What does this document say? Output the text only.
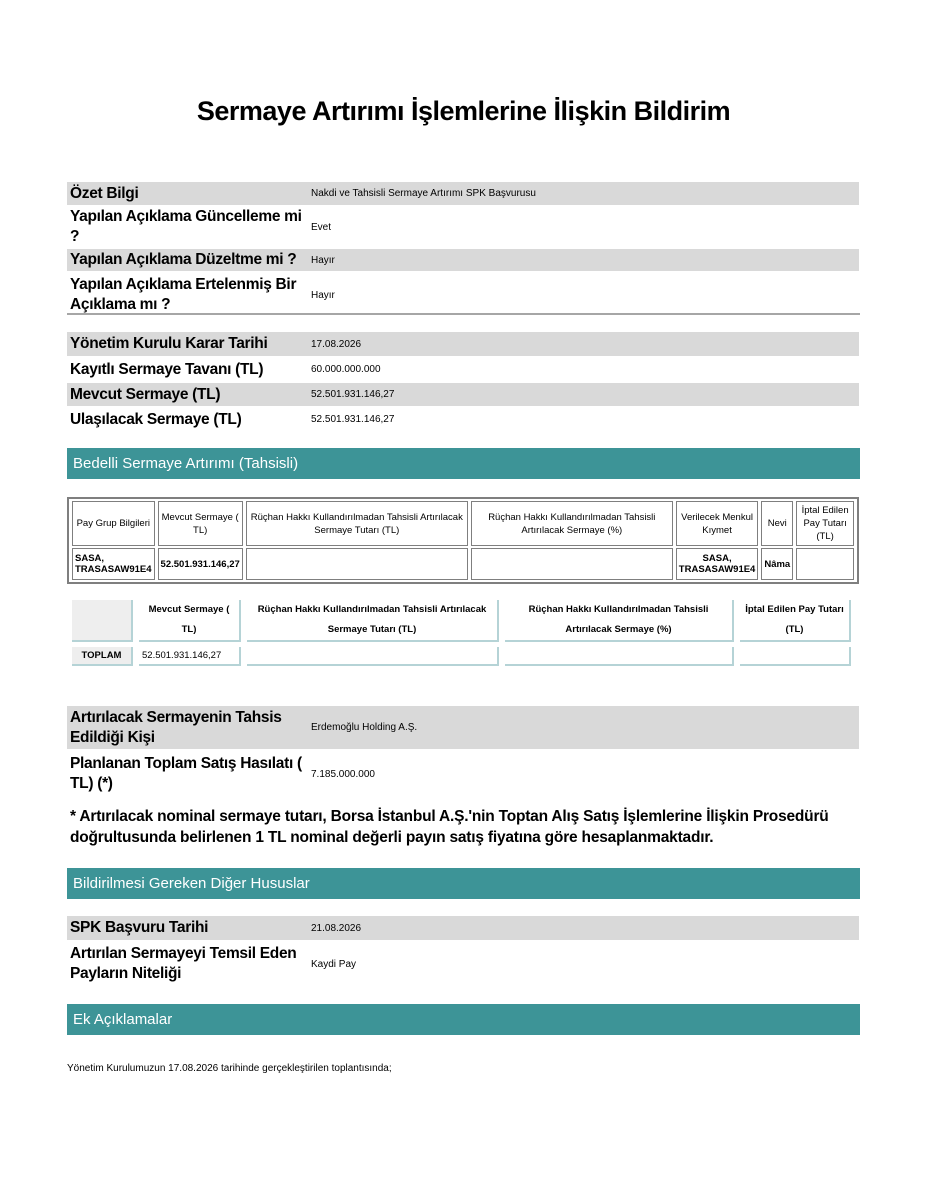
Sermaye Artırımı İşlemlerine İlişkin Bildirim
Özet Bilgi	Nakdi ve Tahsisli Sermaye Artırımı SPK Başvurusu
Yapılan Açıklama Güncelleme mi ?	Evet
Yapılan Açıklama Düzeltme mi ?	Hayır
Yapılan Açıklama Ertelenmiş Bir Açıklama mı ?	Hayır
Yönetim Kurulu Karar Tarihi	17.08.2026
Kayıtlı Sermaye Tavanı (TL)	60.000.000.000
Mevcut Sermaye (TL)	52.501.931.146,27
Ulaşılacak Sermaye (TL)	52.501.931.146,27
Bedelli Sermaye Artırımı (Tahsisli)
Pay Grup Bilgileri	Mevcut Sermaye ( TL)	Rüçhan Hakkı Kullandırılmadan Tahsisli Artırılacak Sermaye Tutarı (TL)	Rüçhan Hakkı Kullandırılmadan Tahsisli Artırılacak Sermaye (%)	Verilecek Menkul Kıymet	Nevi	İptal Edilen Pay Tutarı (TL)
SASA, TRASASAW91E4	52.501.931.146,27			SASA, TRASASAW91E4	Nâma	
	Mevcut Sermaye ( TL)	Rüçhan Hakkı Kullandırılmadan Tahsisli Artırılacak Sermaye Tutarı (TL)	Rüçhan Hakkı Kullandırılmadan Tahsisli Artırılacak Sermaye (%)	İptal Edilen Pay Tutarı (TL)
TOPLAM	52.501.931.146,27			
Artırılacak Sermayenin Tahsis Edildiği Kişi	Erdemoğlu Holding A.Ş.
Planlanan Toplam Satış Hasılatı ( TL) (*)	7.185.000.000
* Artırılacak nominal sermaye tutarı, Borsa İstanbul A.Ş.'nin Toptan Alış Satış İşlemlerine İlişkin Prosedürü doğrultusunda belirlenen 1 TL nominal değerli payın satış fiyatına göre hesaplanmaktadır.
Bildirilmesi Gereken Diğer Hususlar
SPK Başvuru Tarihi	21.08.2026
Artırılan Sermayeyi Temsil Eden Payların Niteliği	Kaydi Pay
Ek Açıklamalar
Yönetim Kurulumuzun 17.08.2026 tarihinde gerçekleştirilen toplantısında;
